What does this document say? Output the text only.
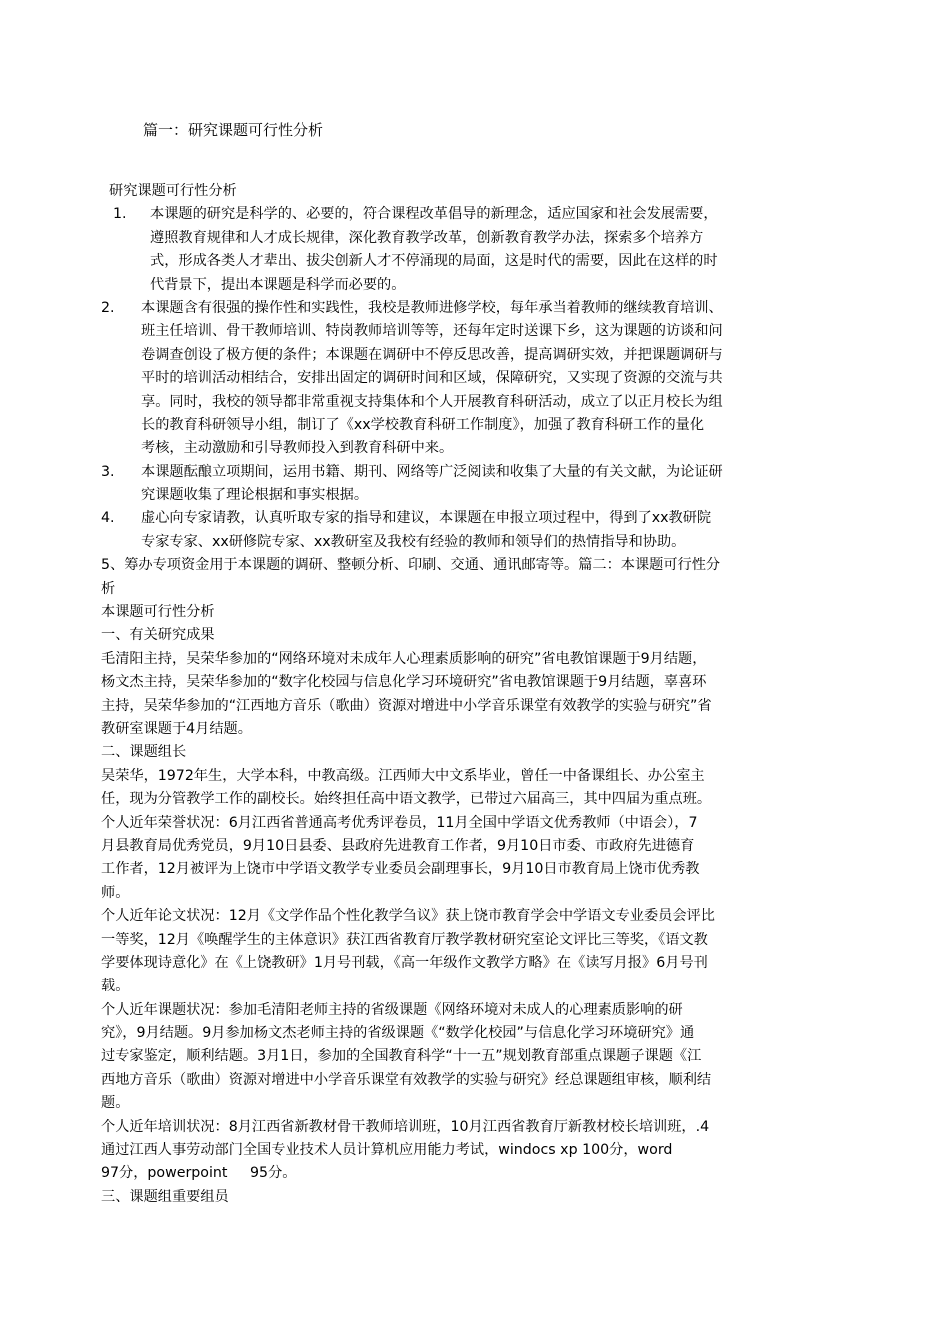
篇一：研究课题可行性分析
研究课题可行性分析
1. 本课题的研究是科学的、必要的，符合课程改革倡导的新理念，适应国家和社会发展需要，
遵照教育规律和人才成长规律，深化教育教学改革，创新教育教学办法，探索多个培养方
式，形成各类人才辈出、拔尖创新人才不停涌现的局面，这是时代的需要，因此在这样的时
代背景下，提出本课题是科学而必要的。
2. 本课题含有很强的操作性和实践性，我校是教师进修学校，每年承当着教师的继续教育培训、
班主任培训、骨干教师培训、特岗教师培训等等，还每年定时送课下乡，这为课题的访谈和问
卷调查创设了极方便的条件；本课题在调研中不停反思改善，提高调研实效，并把课题调研与
平时的培训活动相结合，安排出固定的调研时间和区域，保障研究，又实现了资源的交流与共
享。同时，我校的领导都非常重视支持集体和个人开展教育科研活动，成立了以正月校长为组
长的教育科研领导小组，制订了《xx学校教育科研工作制度》，加强了教育科研工作的量化
考核，主动激励和引导教师投入到教育科研中来。
3. 本课题酝酿立项期间，运用书籍、期刊、网络等广泛阅读和收集了大量的有关文献，为论证研
究课题收集了理论根据和事实根据。
4. 虚心向专家请教，认真听取专家的指导和建议，本课题在申报立项过程中，得到了xx教研院
专家专家、xx研修院专家、xx教研室及我校有经验的教师和领导们的热情指导和协助。
5、筹办专项资金用于本课题的调研、整顿分析、印刷、交通、通讯邮寄等。篇二：本课题可行性分
析
本课题可行性分析
一、有关研究成果
毛清阳主持，吴荣华参加的“网络环境对未成年人心理素质影响的研究”省电教馆课题于9月结题，
杨文杰主持，吴荣华参加的“数字化校园与信息化学习环境研究”省电教馆课题于9月结题，辜喜环
主持，吴荣华参加的“江西地方音乐（歌曲）资源对增进中小学音乐课堂有效教学的实验与研究”省
教研室课题于4月结题。
二、课题组长
吴荣华，1972年生，大学本科，中教高级。江西师大中文系毕业，曾任一中备课组长、办公室主
任，现为分管教学工作的副校长。始终担任高中语文教学，已带过六届高三，其中四届为重点班。
个人近年荣誉状况：6月江西省普通高考优秀评卷员，11月全国中学语文优秀教师（中语会），7
月县教育局优秀党员，9月10日县委、县政府先进教育工作者，9月10日市委、市政府先进德育
工作者，12月被评为上饶市中学语文教学专业委员会副理事长，9月10日市教育局上饶市优秀教
师。
个人近年论文状况：12月《文学作品个性化教学刍议》获上饶市教育学会中学语文专业委员会评比
一等奖，12月《唤醒学生的主体意识》获江西省教育厅教学教材研究室论文评比三等奖，《语文教
学要体现诗意化》在《上饶教研》1月号刊载，《高一年级作文教学方略》在《读写月报》6月号刊
载。
个人近年课题状况：参加毛清阳老师主持的省级课题《网络环境对未成人的心理素质影响的研
究》，9月结题。9月参加杨文杰老师主持的省级课题《“数学化校园”与信息化学习环境研究》通
过专家鉴定，顺利结题。3月1日，参加的全国教育科学“十一五”规划教育部重点课题子课题《江
西地方音乐（歌曲）资源对增进中小学音乐课堂有效教学的实验与研究》经总课题组审核，顺利结
题。
个人近年培训状况：8月江西省新教材骨干教师培训班，10月江西省教育厅新教材校长培训班，.4
通过江西人事劳动部门全国专业技术人员计算机应用能力考试，windocs xp 100分，word
97分，powerpoint     95分。
三、课题组重要组员
